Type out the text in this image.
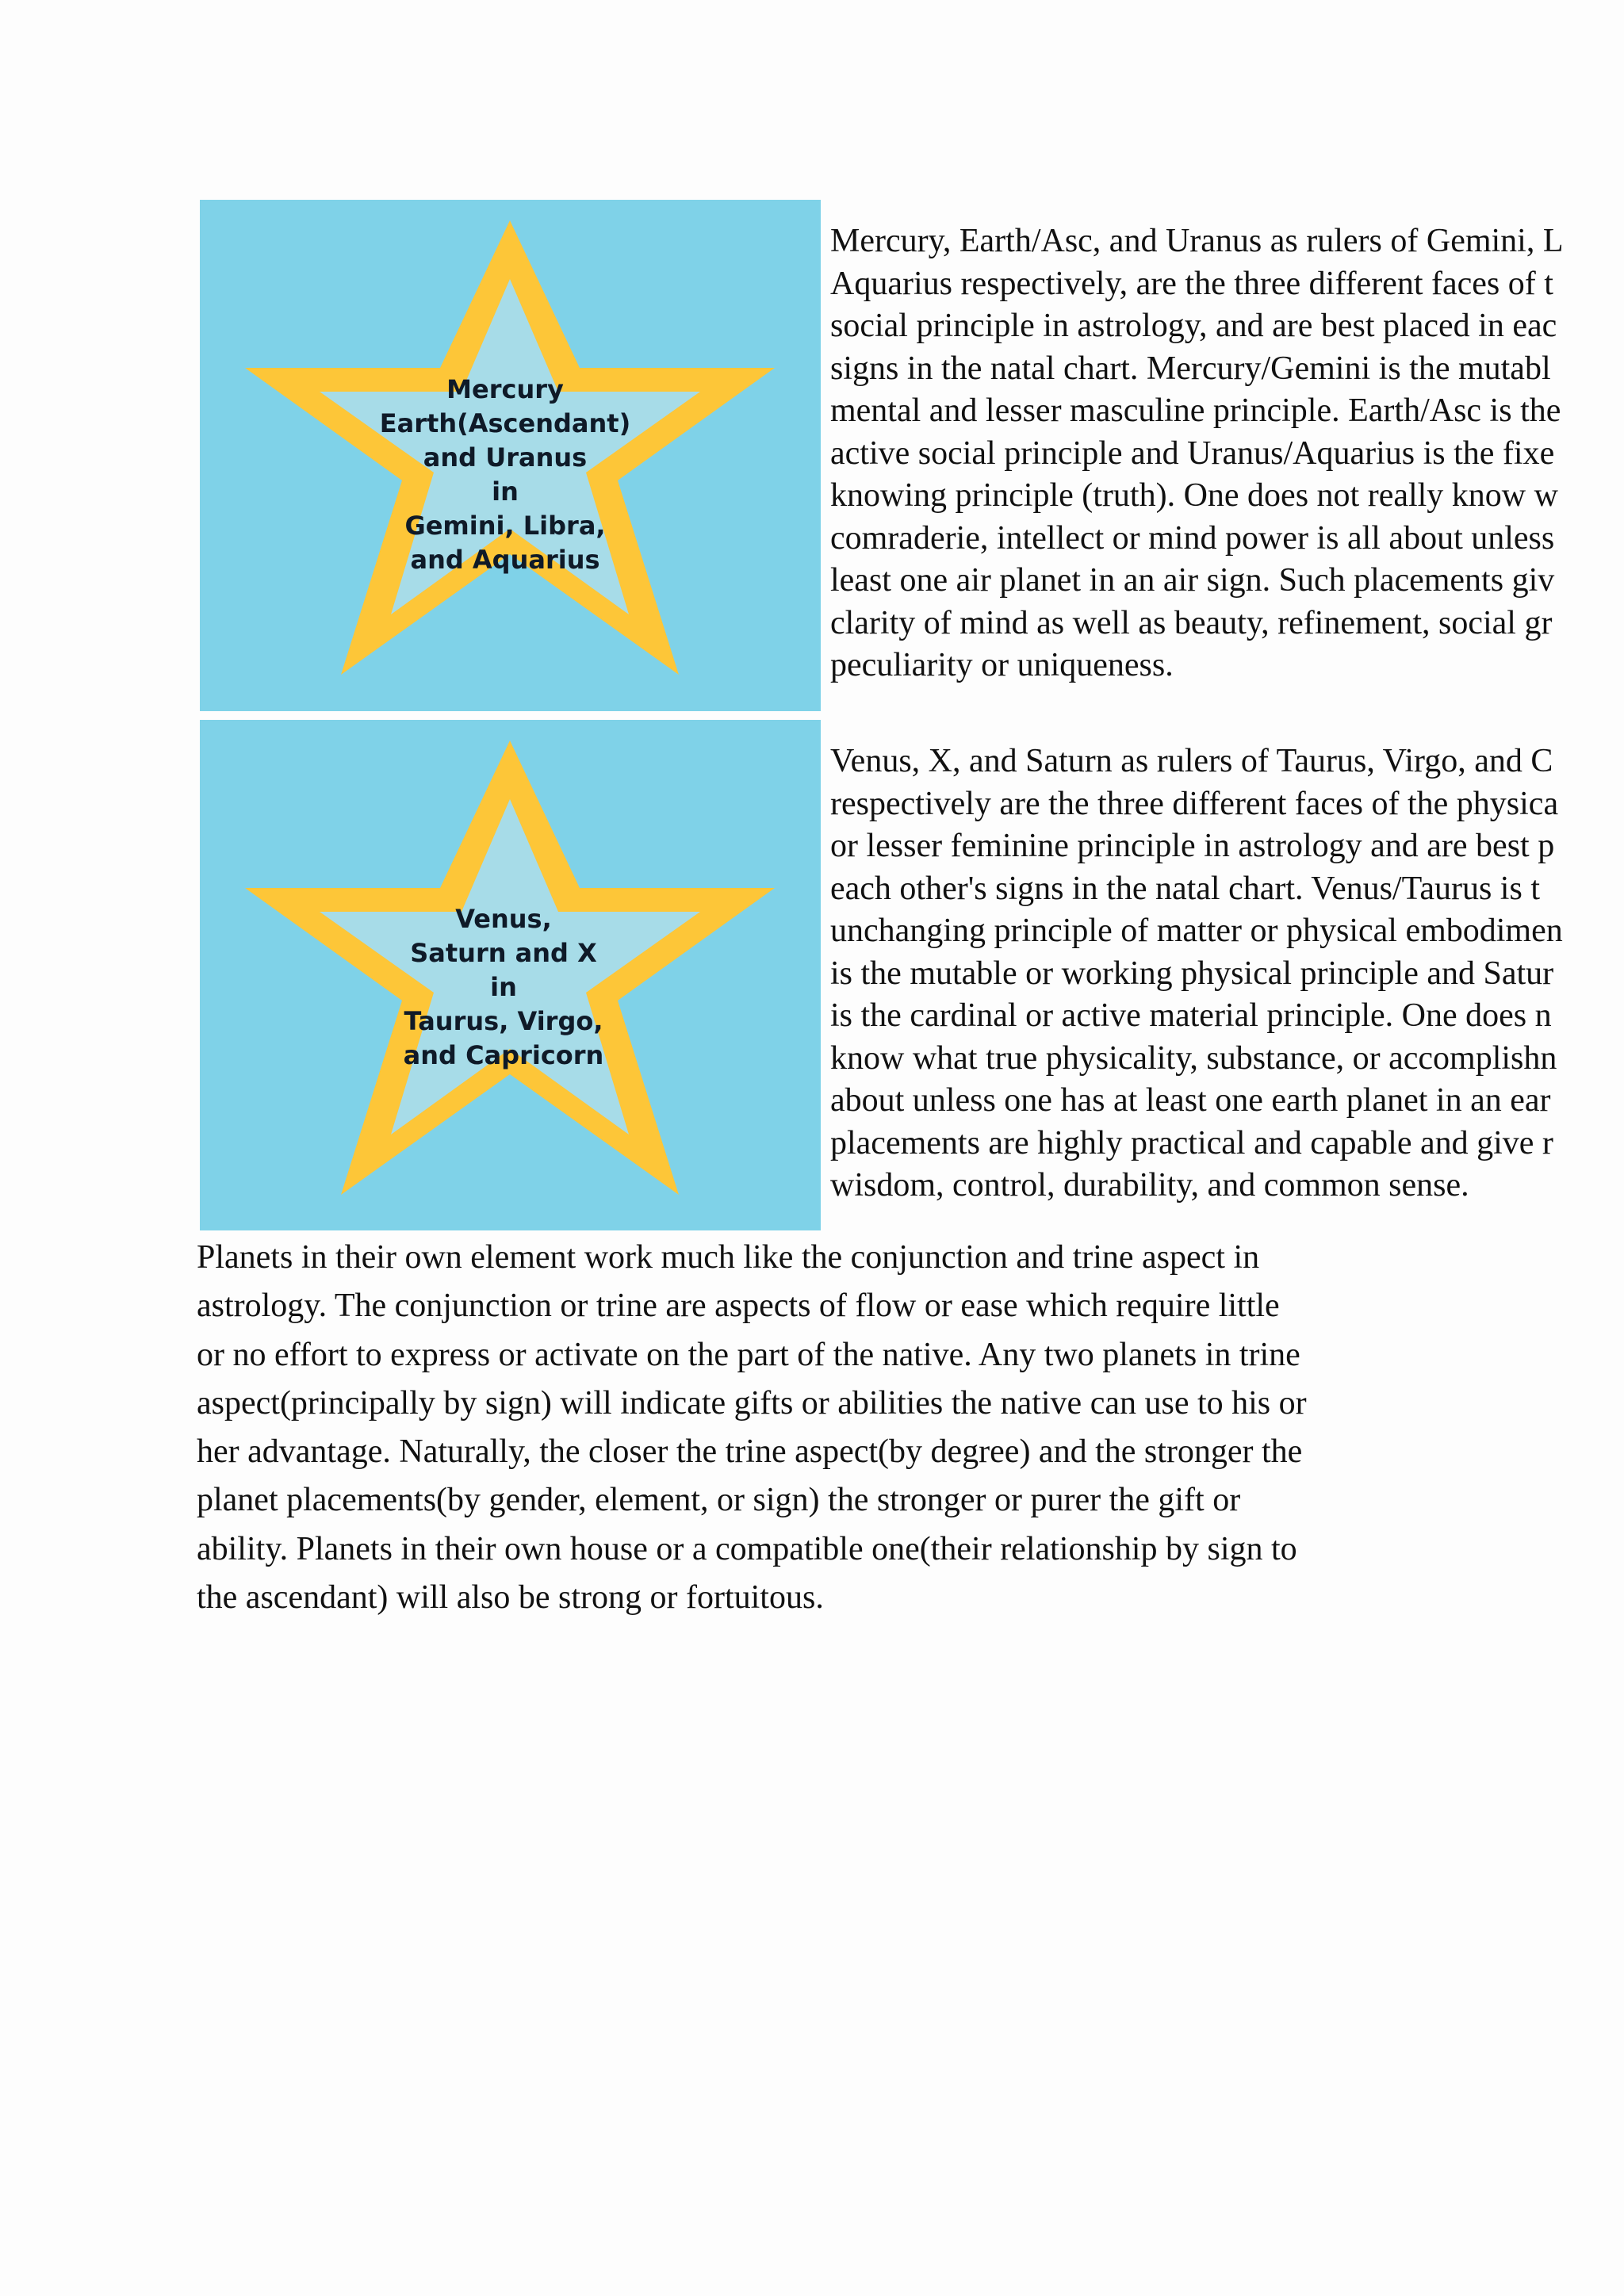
Mercury
Earth(Ascendant)
and Uranus
in
Gemini, Libra,
and Aquarius
Mercury, Earth/Asc, and Uranus as rulers of Gemini, L
Aquarius respectively, are the three different faces of t
social principle in astrology, and are best placed in eac
signs in the natal chart. Mercury/Gemini is the mutabl
mental and lesser masculine principle. Earth/Asc is the
active social principle and Uranus/Aquarius is the fixe
knowing principle (truth). One does not really know w
comraderie, intellect or mind power is all about unless
least one air planet in an air sign. Such placements giv
clarity of mind as well as beauty, refinement, social gr
peculiarity or uniqueness.
Venus,
Saturn and X
in
Taurus, Virgo,
and Capricorn
Venus, X, and Saturn as rulers of Taurus, Virgo, and C
respectively are the three different faces of the physica
or lesser feminine principle in astrology and are best p
each other's signs in the natal chart. Venus/Taurus is t
unchanging principle of matter or physical embodimen
is the mutable or working physical principle and Satur
is the cardinal or active material principle. One does n
know what true physicality, substance, or accomplishn
about unless one has at least one earth planet in an ear
placements are highly practical and capable and give r
wisdom, control, durability, and common sense.
Planets in their own element work much like the conjunction and trine aspect in
astrology. The conjunction or trine are aspects of flow or ease which require little
or no effort to express or activate on the part of the native. Any two planets in trine
aspect(principally by sign) will indicate gifts or abilities the native can use to his or
her advantage. Naturally, the closer the trine aspect(by degree) and the stronger the
planet placements(by gender, element, or sign) the stronger or purer the gift or
ability. Planets in their own house or a compatible one(their relationship by sign to
the ascendant) will also be strong or fortuitous.
